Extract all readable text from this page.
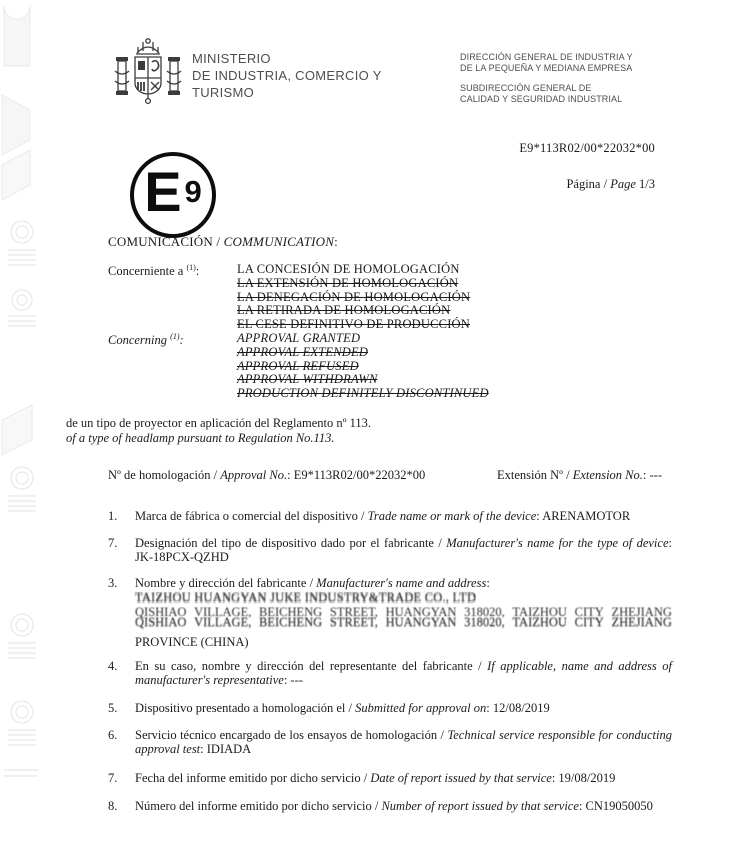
MINISTERIO
DE INDUSTRIA, COMERCIO Y
TURISMO
DIRECCIÓN GENERAL DE INDUSTRIA Y
DE LA PEQUEÑA Y MEDIANA EMPRESA
SUBDIRECCIÓN GENERAL DE
CALIDAD Y SEGURIDAD INDUSTRIAL
E9*113R02/00*22032*00
Página / Page 1/3
E 9
COMUNICACIÓN / COMMUNICATION:
Concerniente a $^{(1)}$:	LA CONCESIÓN DE HOMOLOGACIÓN
LA EXTENSIÓN DE HOMOLOGACIÓN
LA DENEGACIÓN DE HOMOLOGACIÓN
LA RETIRADA DE HOMOLOGACIÓN
EL CESE DEFINITIVO DE PRODUCCIÓN
Concerning $^{(1)}$:	APPROVAL GRANTED
APPROVAL EXTENDED
APPROVAL REFUSED
APPROVAL WITHDRAWN
PRODUCTION DEFINITELY DISCONTINUED
de un tipo de proyector en aplicación del Reglamento nº 113.
of a type of headlamp pursuant to Regulation No.113.
Nº de homologación / Approval No.: E9*113R02/00*22032*00	Extensión Nº / Extension No.: ---
1. Marca de fábrica o comercial del dispositivo / Trade name or mark of the device: ARENAMOTOR
7. Designación del tipo de dispositivo dado por el fabricante / Manufacturer's name for the type of device:
JK-18PCX-QZHD
3. Nombre y dirección del fabricante / Manufacturer's name and address:
TAIZHOU HUANGYAN JUKE INDUSTRY&TRADE CO., LTD
QISHIAO VILLAGE, BEICHENG STREET, HUANGYAN 318020, TAIZHOU CITY ZHEJIANG
QISHIAO VILLAGE, BEICHENG STREET, HUANGYAN 318020, TAIZHOU CITY ZHEJIANG
PROVINCE (CHINA)
4. En su caso, nombre y dirección del representante del fabricante / If applicable, name and address of manufacturer's representative: ---
5. Dispositivo presentado a homologación el / Submitted for approval on: 12/08/2019
6. Servicio técnico encargado de los ensayos de homologación / Technical service responsible for conducting approval test: IDIADA
7. Fecha del informe emitido por dicho servicio / Date of report issued by that service: 19/08/2019
8. Número del informe emitido por dicho servicio / Number of report issued by that service: CN19050050
